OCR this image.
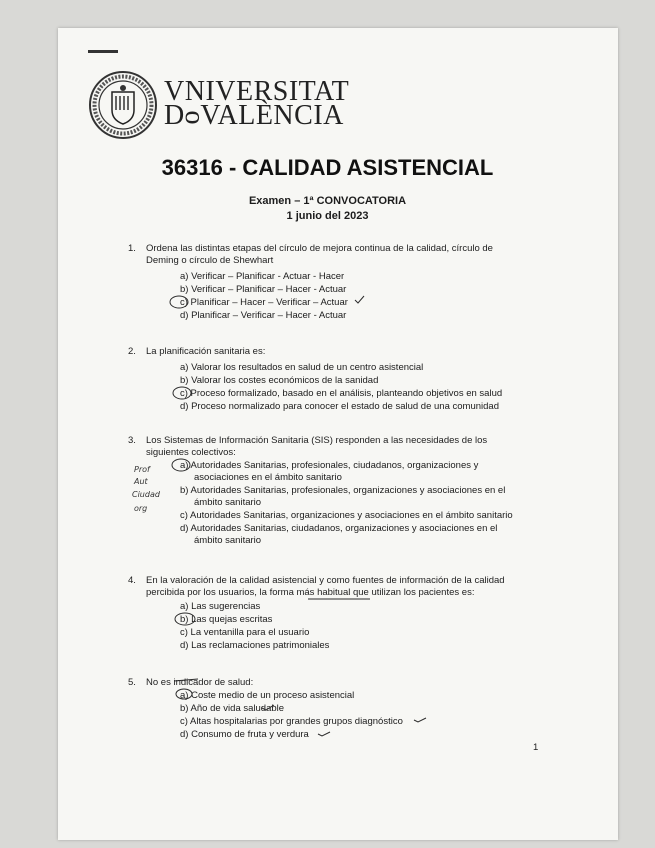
VNIVERSITAT
DᴑVALÈNCIA
36316 - CALIDAD ASISTENCIAL
Examen – 1ª CONVOCATORIA
1 junio del 2023
1. Ordena las distintas etapas del círculo de mejora continua de la calidad, círculo de
Deming o círculo de Shewhart
a) Verificar – Planificar - Actuar - Hacer
b) Verificar – Planificar – Hacer - Actuar
c) Planificar – Hacer – Verificar – Actuar
d) Planificar – Verificar – Hacer - Actuar
2. La planificación sanitaria es:
a) Valorar los resultados en salud de un centro asistencial
b) Valorar los costes económicos de la sanidad
c) Proceso formalizado, basado en el análisis, planteando objetivos en salud
d) Proceso normalizado para conocer el estado de salud de una comunidad
3. Los Sistemas de Información Sanitaria (SIS) responden a las necesidades de los
siguientes colectivos:
a) Autoridades Sanitarias, profesionales, ciudadanos, organizaciones y
asociaciones en el ámbito sanitario
b) Autoridades Sanitarias, profesionales, organizaciones y asociaciones en el
ámbito sanitario
c) Autoridades Sanitarias, organizaciones y asociaciones en el ámbito sanitario
d) Autoridades Sanitarias, ciudadanos, organizaciones y asociaciones en el
ámbito sanitario
Prof
Aut
Ciudad
org
4. En la valoración de la calidad asistencial y como fuentes de información de la calidad
percibida por los usuarios, la forma más habitual que utilizan los pacientes es:
a) Las sugerencias
b) Las quejas escritas
c) La ventanilla para el usuario
d) Las reclamaciones patrimoniales
5. No es indicador de salud:
a) Coste medio de un proceso asistencial
b) Año de vida saludable
c) Altas hospitalarias por grandes grupos diagnóstico
d) Consumo de fruta y verdura
1
